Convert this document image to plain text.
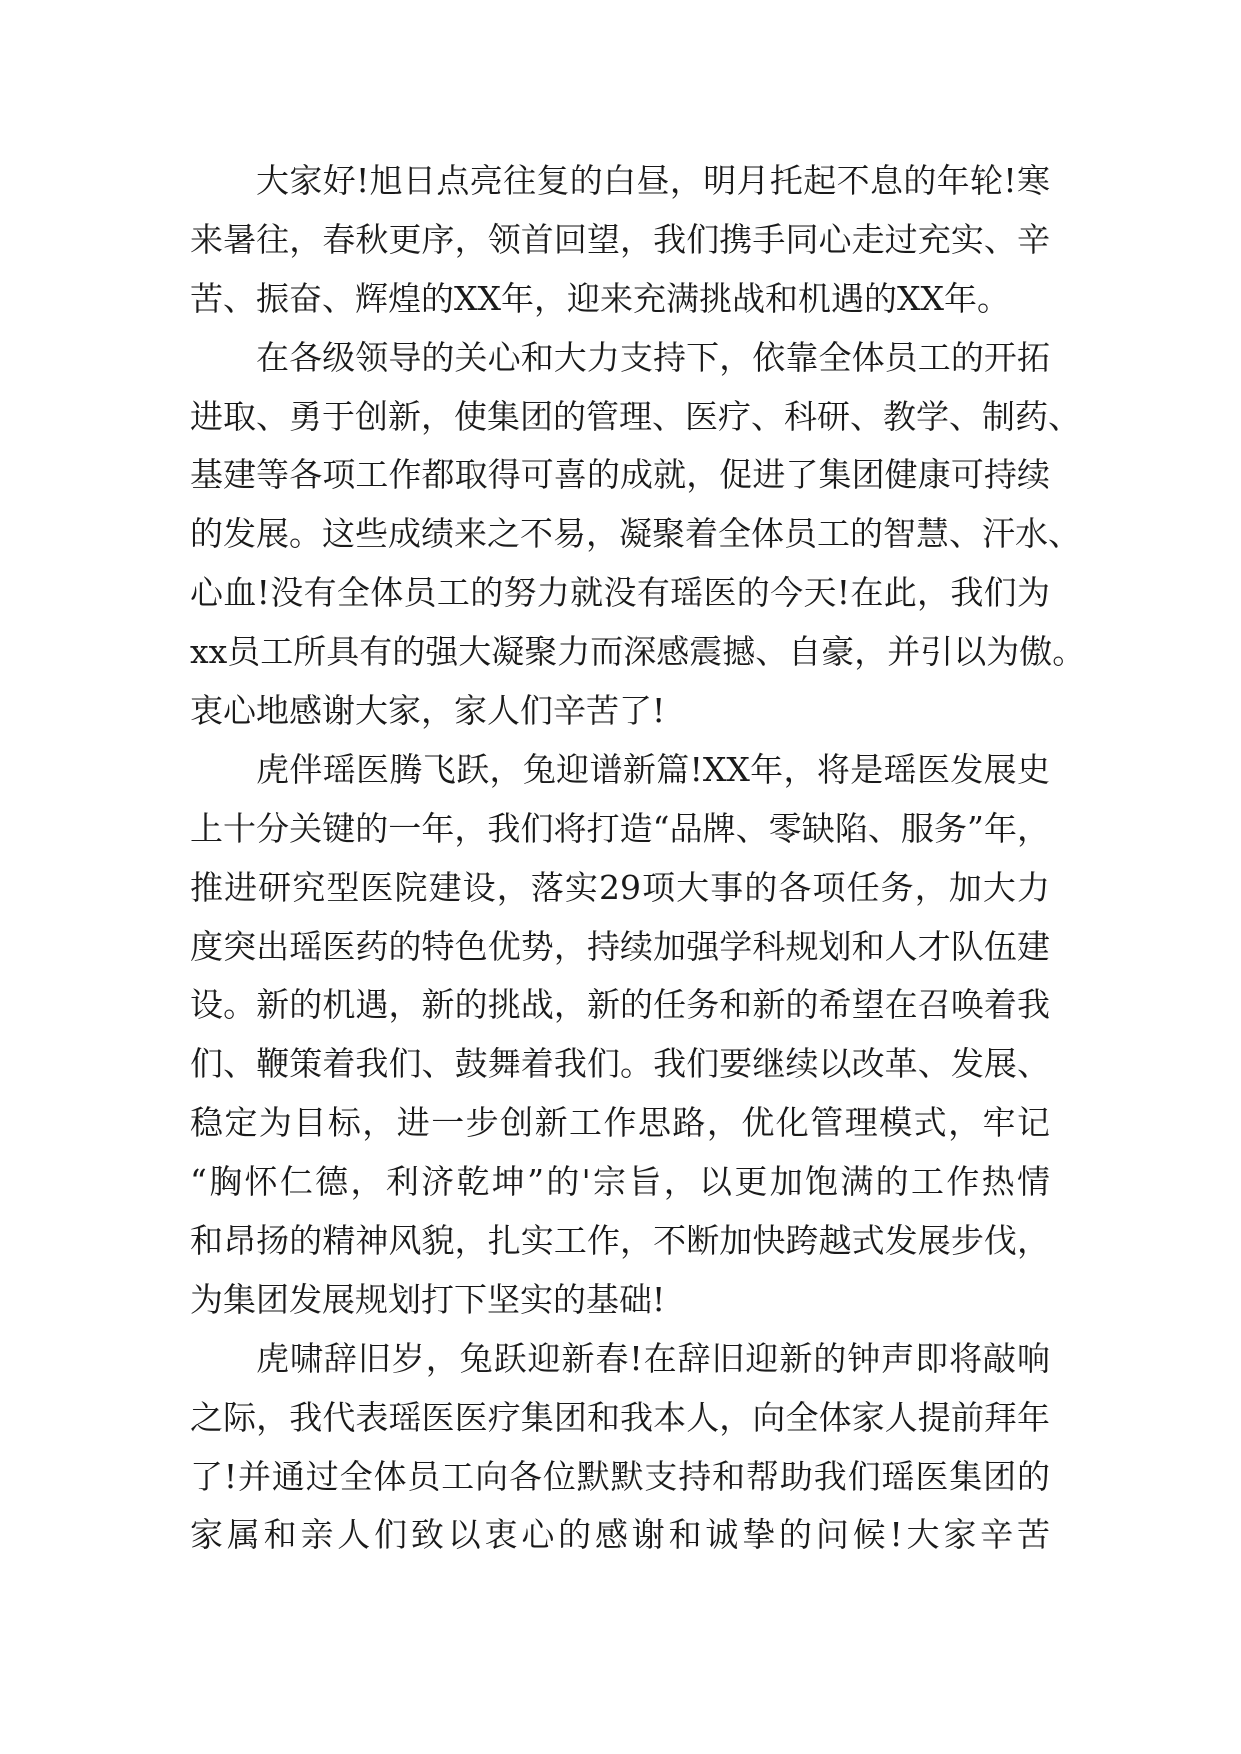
大家好!旭日点亮往复的白昼，明月托起不息的年轮!寒
来暑往，春秋更序，领首回望，我们携手同心走过充实、辛
苦、振奋、辉煌的XX年，迎来充满挑战和机遇的XX年。
在各级领导的关心和大力支持下，依靠全体员工的开拓
进取、勇于创新，使集团的管理、医疗、科研、教学、制药、
基建等各项工作都取得可喜的成就，促进了集团健康可持续
的发展。这些成绩来之不易，凝聚着全体员工的智慧、汗水、
心血!没有全体员工的努力就没有瑶医的今天!在此，我们为
xx员工所具有的强大凝聚力而深感震撼、自豪，并引以为傲。
衷心地感谢大家，家人们辛苦了!
虎伴瑶医腾飞跃，兔迎谱新篇!XX年，将是瑶医发展史
上十分关键的一年，我们将打造“品牌、零缺陷、服务”年，
推进研究型医院建设，落实29项大事的各项任务，加大力
度突出瑶医药的特色优势，持续加强学科规划和人才队伍建
设。新的机遇，新的挑战，新的任务和新的希望在召唤着我
们、鞭策着我们、鼓舞着我们。我们要继续以改革、发展、
稳定为目标，进一步创新工作思路，优化管理模式，牢记
“胸怀仁德，利济乾坤”的'宗旨，以更加饱满的工作热情
和昂扬的精神风貌，扎实工作，不断加快跨越式发展步伐，
为集团发展规划打下坚实的基础!
虎啸辞旧岁，兔跃迎新春!在辞旧迎新的钟声即将敲响
之际，我代表瑶医医疗集团和我本人，向全体家人提前拜年
了!并通过全体员工向各位默默支持和帮助我们瑶医集团的
家属和亲人们致以衷心的感谢和诚挚的问候!大家辛苦
